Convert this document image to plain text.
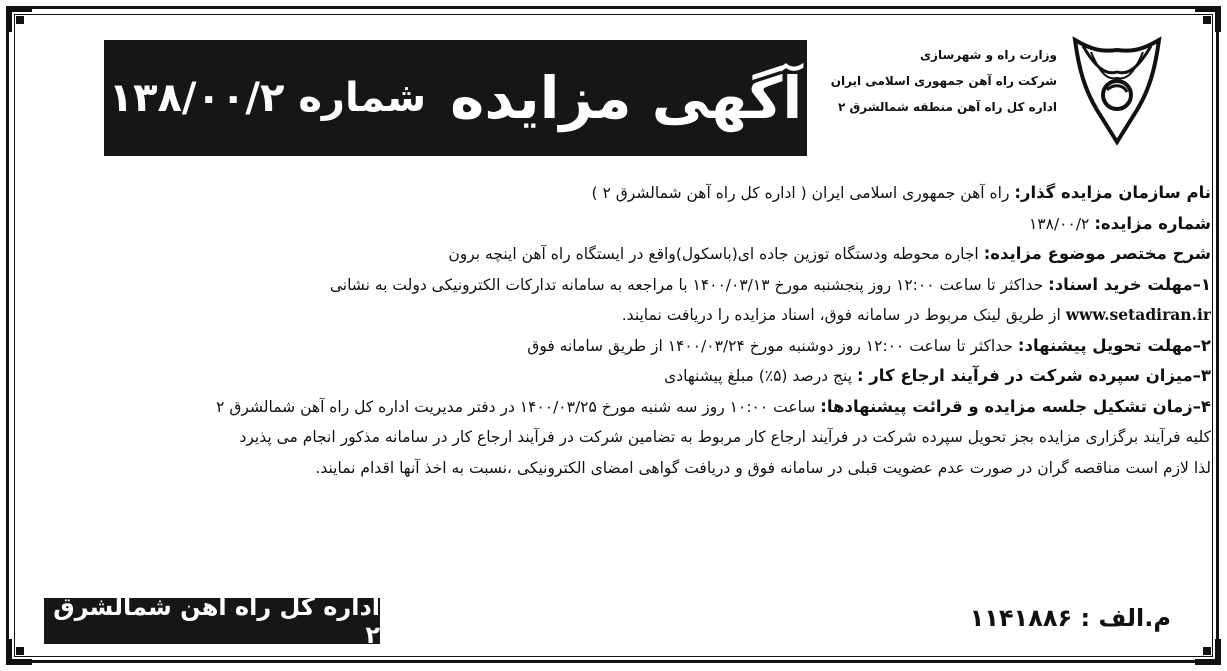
آگهی مزایده
شماره ۱۳۸/۰۰/۲
وزارت راه و شهرسازی
شرکت راه آهن جمهوری اسلامی ایران
اداره کل راه آهن منطقه شمالشرق ۲
نام سازمان مزایده گذار: راه آهن جمهوری اسلامی ایران ( اداره کل راه آهن شمالشرق ۲ )
شماره مزایده: ۱۳۸/۰۰/۲
شرح مختصر موضوع مزایده: اجاره محوطه ودستگاه توزین جاده ای(باسکول)واقع در ایستگاه راه آهن اینچه برون
۱–مهلت خرید اسناد: حداکثر تا ساعت ۱۲:۰۰ روز پنجشنبه مورخ ۱۴۰۰/۰۳/۱۳ با مراجعه به سامانه تدارکات الکترونیکی دولت به نشانی
www.setadiran.ir از طریق لینک مربوط در سامانه فوق، اسناد مزایده را دریافت نمایند.
۲–مهلت تحویل پیشنهاد: حداکثر تا ساعت ۱۲:۰۰ روز دوشنبه مورخ ۱۴۰۰/۰۳/۲۴ از طریق سامانه فوق
۳–میزان سپرده شرکت در فرآیند ارجاع کار : پنج درصد (۵٪) مبلغ پیشنهادی
۴–زمان تشکیل جلسه مزایده و قرائت پیشنهادها: ساعت ۱۰:۰۰ روز سه شنبه مورخ ۱۴۰۰/۰۳/۲۵ در دفتر مدیریت اداره کل راه آهن شمالشرق ۲
کلیه فرآیند برگزاری مزایده بجز تحویل سپرده شرکت در فرآیند ارجاع کار مربوط به تضامین شرکت در فرآیند ارجاع کار در سامانه مذکور انجام می پذیرد
لذا لازم است مناقصه گران در صورت عدم عضویت قبلی در سامانه فوق و دریافت گواهی امضای الکترونیکی ،نسبت به اخذ آنها اقدام نمایند.
م.الف : ۱۱۴۱۸۸۶
اداره کل راه آهن شمالشرق ۲
